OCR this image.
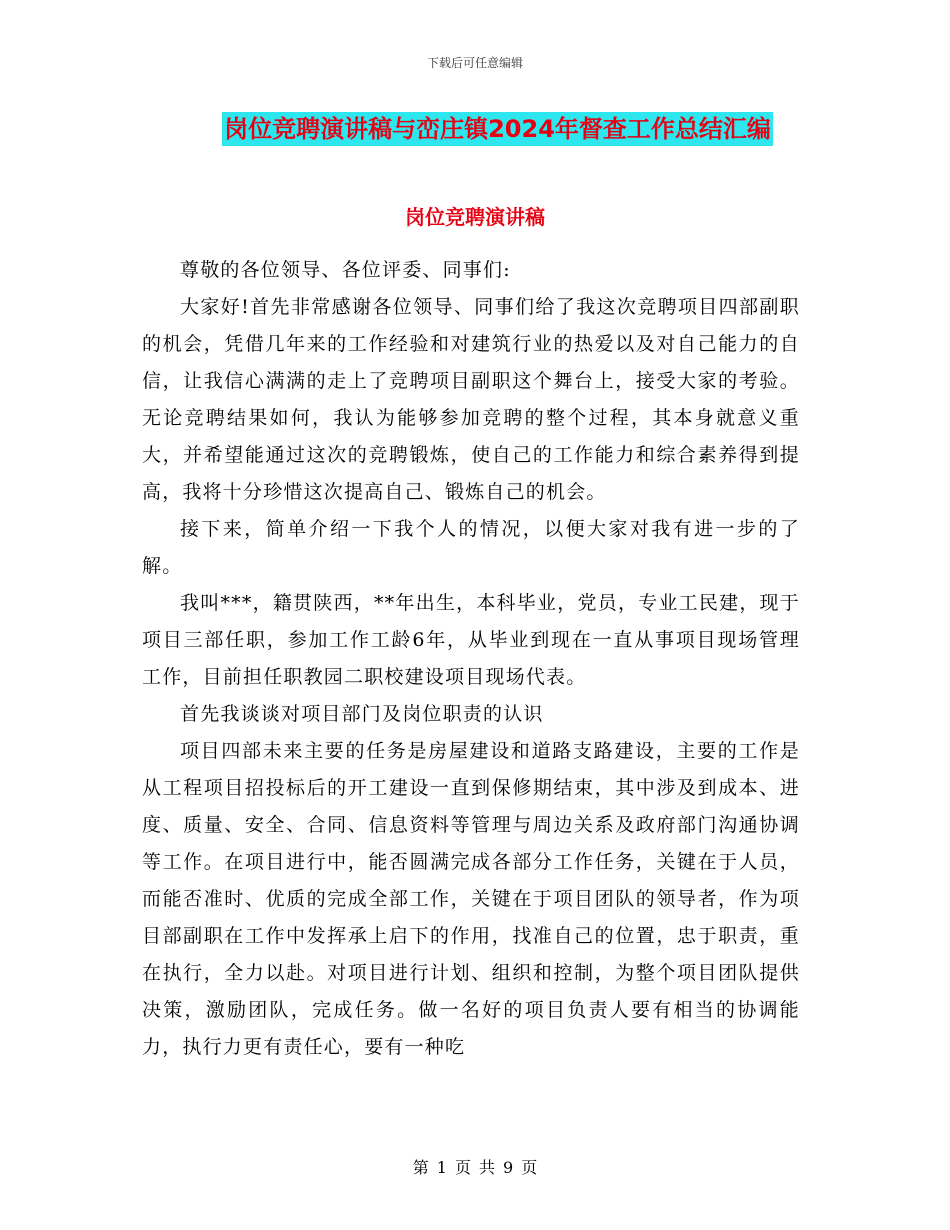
下载后可任意编辑
岗位竞聘演讲稿与峦庄镇2024年督查工作总结汇编
岗位竞聘演讲稿

尊敬的各位领导、各位评委、同事们:

大家好!首先非常感谢各位领导、同事们给了我这次竞聘项目四部副职的机会，凭借几年来的工作经验和对建筑行业的热爱以及对自己能力的自信，让我信心满满的走上了竞聘项目副职这个舞台上，接受大家的考验。无论竞聘结果如何，我认为能够参加竞聘的整个过程，其本身就意义重大，并希望能通过这次的竞聘锻炼，使自己的工作能力和综合素养得到提高，我将十分珍惜这次提高自己、锻炼自己的机会。

接下来，简单介绍一下我个人的情况，以便大家对我有进一步的了解。

我叫***，籍贯陕西，**年出生，本科毕业，党员，专业工民建，现于项目三部任职，参加工作工龄6年，从毕业到现在一直从事项目现场管理工作，目前担任职教园二职校建设项目现场代表。

首先我谈谈对项目部门及岗位职责的认识

项目四部未来主要的任务是房屋建设和道路支路建设，主要的工作是从工程项目招投标后的开工建设一直到保修期结束，其中涉及到成本、进度、质量、安全、合同、信息资料等管理与周边关系及政府部门沟通协调等工作。在项目进行中，能否圆满完成各部分工作任务，关键在于人员，而能否准时、优质的完成全部工作，关键在于项目团队的领导者，作为项目部副职在工作中发挥承上启下的作用，找准自己的位置，忠于职责，重在执行，全力以赴。对项目进行计划、组织和控制，为整个项目团队提供决策，激励团队，完成任务。做一名好的项目负责人要有相当的协调能力，执行力更有责任心，要有一种吃

第 1 页 共 9 页
